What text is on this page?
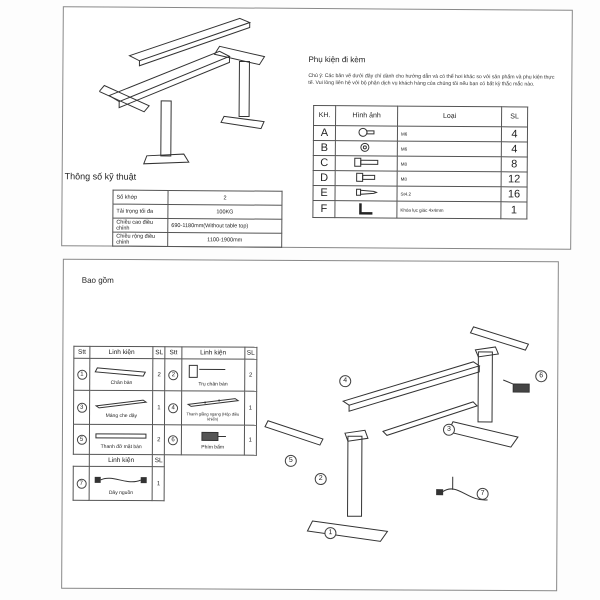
Thông số kỹ thuật
Số khớp	2
Tải trọng tối đa	100KG
Chiều cao điều chỉnh	690-1180mm(Without table top)
Chiều rộng điều chỉnh	1100-1900mm
Phụ kiện đi kèm
Chú ý: Các bản vẽ dưới đây chỉ dành cho hướng dẫn và có thể hơi khác so với sản phẩm và phụ kiện thực tế. Vui lòng liên hệ với bộ phận dịch vụ khách hàng của chúng tôi nếu bạn có bất kỳ thắc mắc nào.
KH.	Hình ảnh	Loại	SL
A		M6	4
B		M6	4
C		M8	8
D		M8	12
E		St4.2	16
F		Khóa lục giác 4x4mm	1
Bao gồm
Stt	Linh kiện	SL	Stt	Linh kiện	SL
1	Chân bàn	2	2	Trụ chân bàn	2
3	Máng che dây	1	4	Thanh giằng ngang (Hộp điều khiển)	1
5	Thanh đỡ mặt bàn	2	6	Phím bấm	1
	Linh kiện	SL			
7	Dây nguồn	1			
4
6
3
5
2
7
1
